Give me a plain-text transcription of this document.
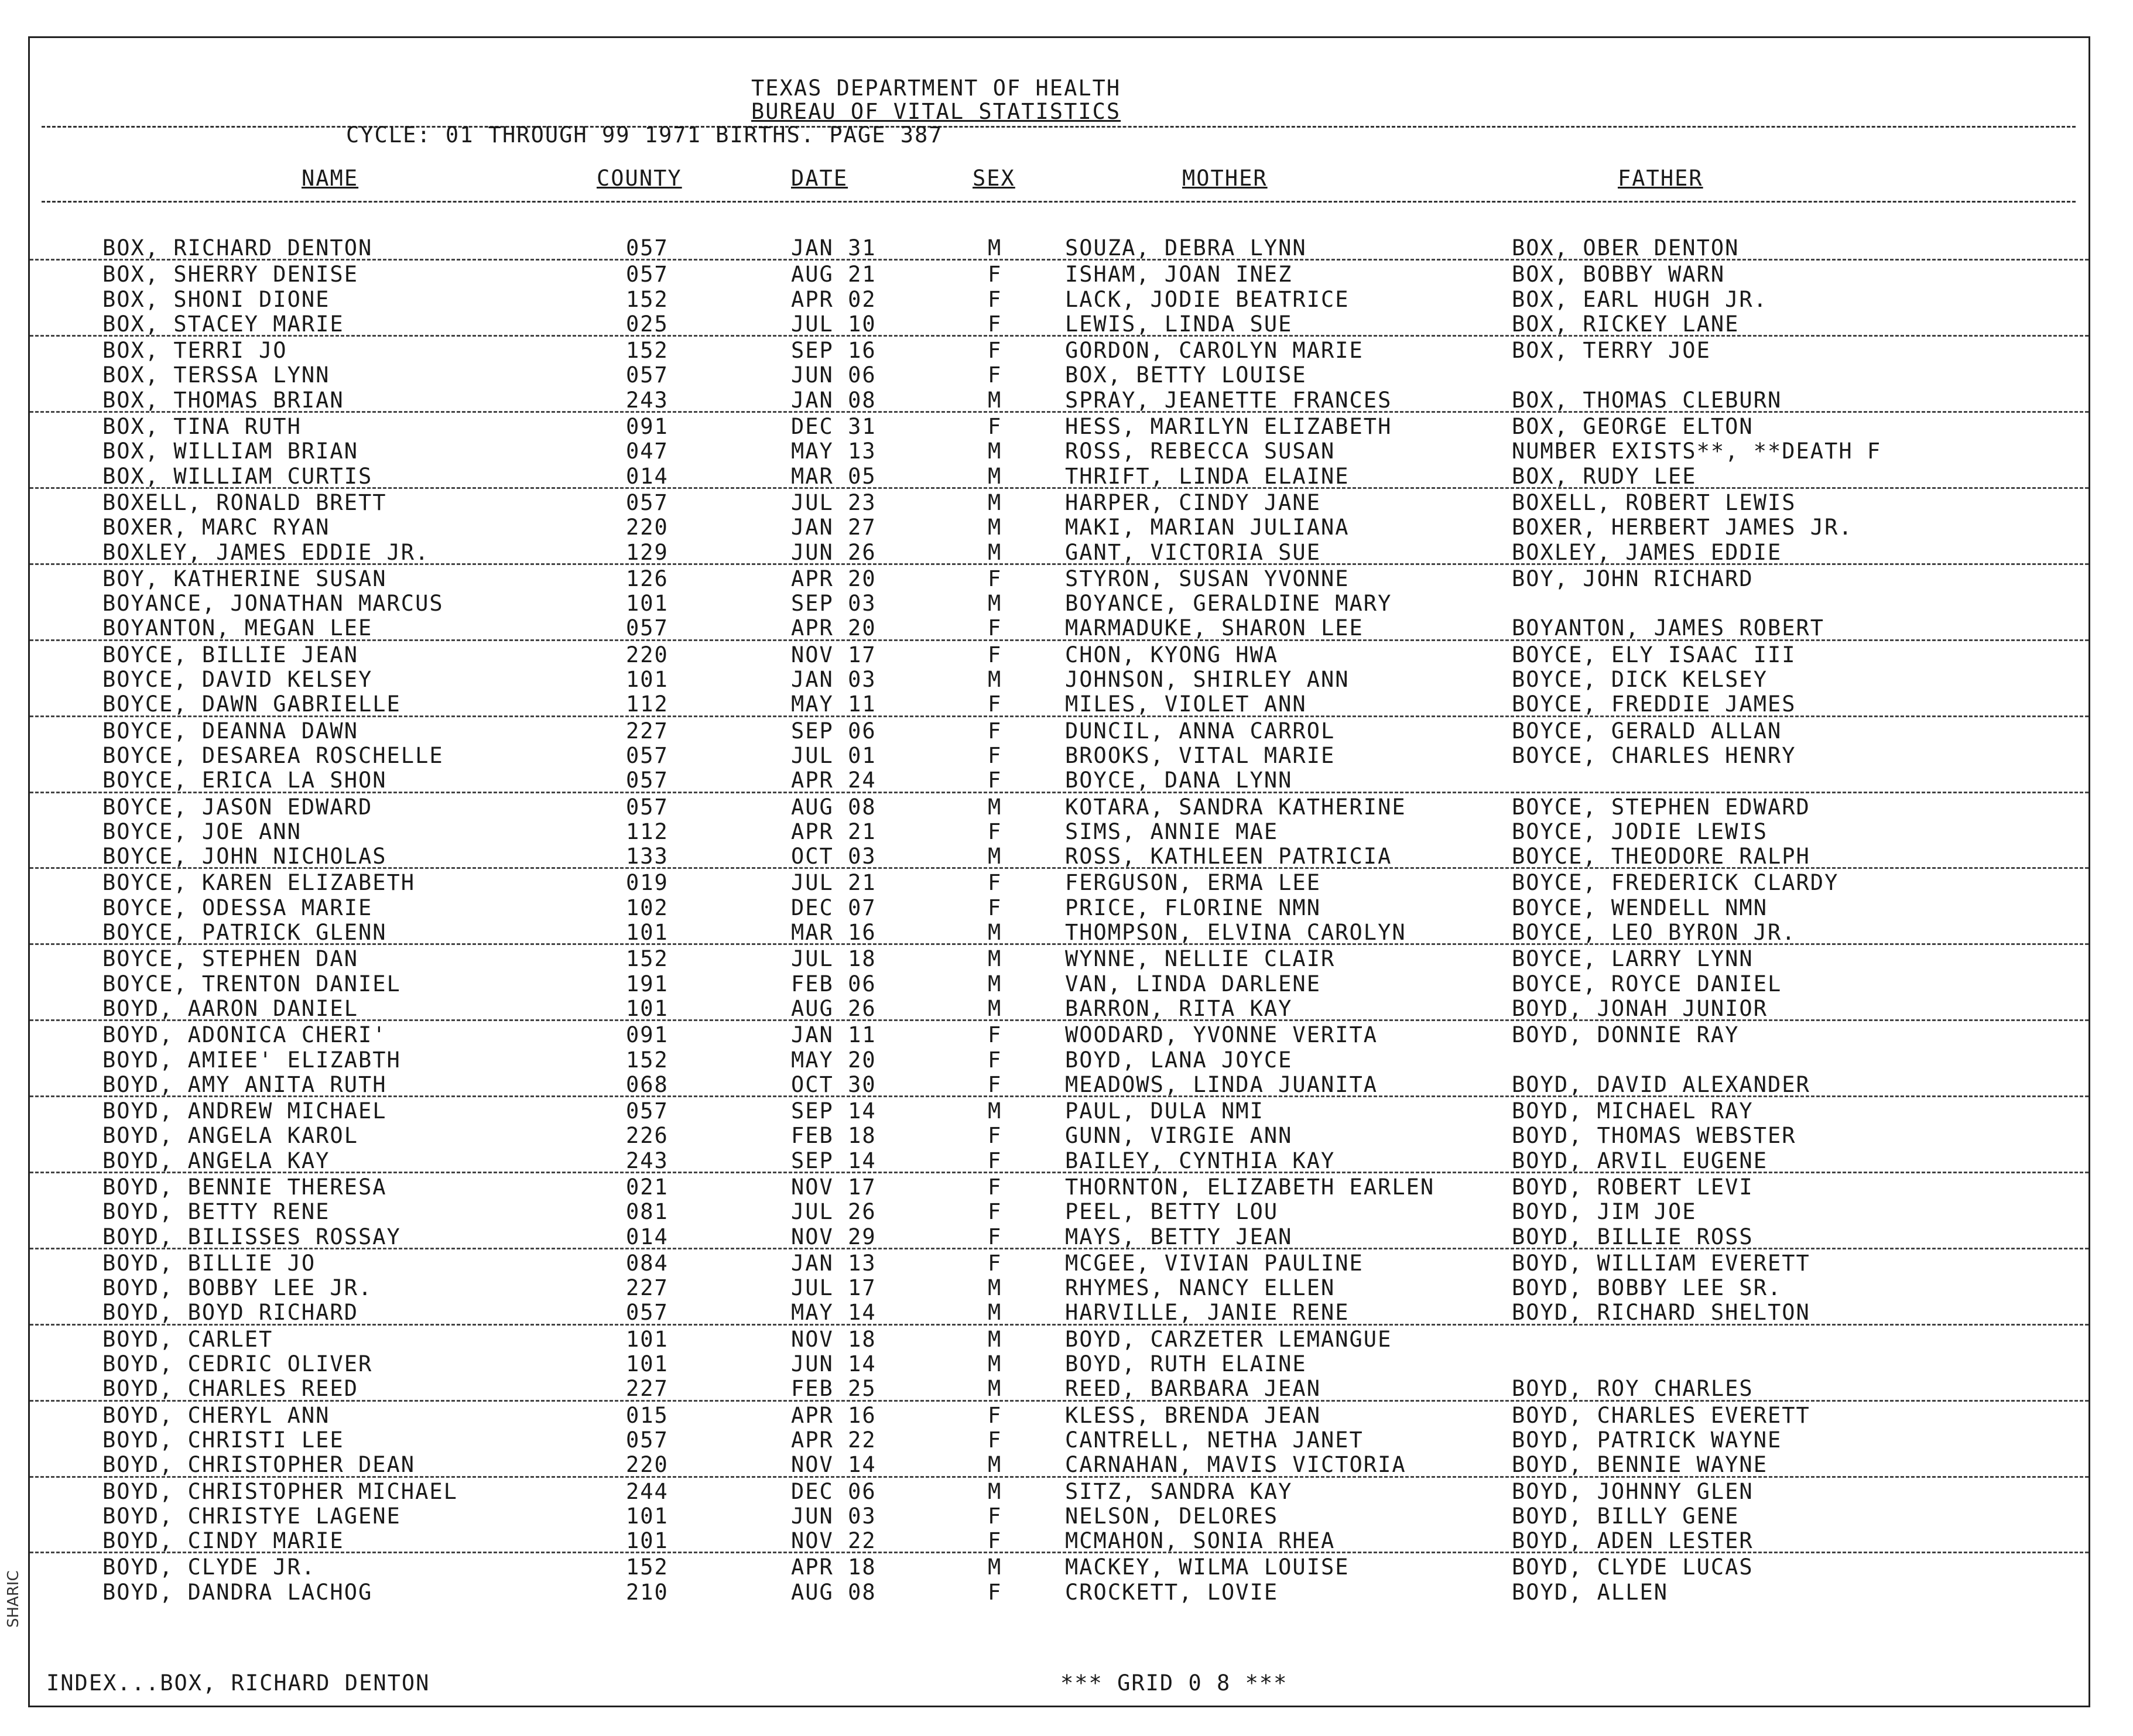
TEXAS DEPARTMENT OF HEALTH
BUREAU OF VITAL STATISTICS
CYCLE: 01 THROUGH 99 1971 BIRTHS. PAGE 387
NAME	COUNTY	DATE	SEX	MOTHER	FATHER
BOX, RICHARD DENTON	057	JAN 31	M	SOUZA, DEBRA LYNN	BOX, OBER DENTON
BOX, SHERRY DENISE	057	AUG 21	F	ISHAM, JOAN INEZ	BOX, BOBBY WARN
BOX, SHONI DIONE	152	APR 02	F	LACK, JODIE BEATRICE	BOX, EARL HUGH JR.
BOX, STACEY MARIE	025	JUL 10	F	LEWIS, LINDA SUE	BOX, RICKEY LANE
BOX, TERRI JO	152	SEP 16	F	GORDON, CAROLYN MARIE	BOX, TERRY JOE
BOX, TERSSA LYNN	057	JUN 06	F	BOX, BETTY LOUISE
BOX, THOMAS BRIAN	243	JAN 08	M	SPRAY, JEANETTE FRANCES	BOX, THOMAS CLEBURN
BOX, TINA RUTH	091	DEC 31	F	HESS, MARILYN ELIZABETH	BOX, GEORGE ELTON
BOX, WILLIAM BRIAN	047	MAY 13	M	ROSS, REBECCA SUSAN	NUMBER EXISTS**, **DEATH F
BOX, WILLIAM CURTIS	014	MAR 05	M	THRIFT, LINDA ELAINE	BOX, RUDY LEE
BOXELL, RONALD BRETT	057	JUL 23	M	HARPER, CINDY JANE	BOXELL, ROBERT LEWIS
BOXER, MARC RYAN	220	JAN 27	M	MAKI, MARIAN JULIANA	BOXER, HERBERT JAMES JR.
BOXLEY, JAMES EDDIE JR.	129	JUN 26	M	GANT, VICTORIA SUE	BOXLEY, JAMES EDDIE
BOY, KATHERINE SUSAN	126	APR 20	F	STYRON, SUSAN YVONNE	BOY, JOHN RICHARD
BOYANCE, JONATHAN MARCUS	101	SEP 03	M	BOYANCE, GERALDINE MARY
BOYANTON, MEGAN LEE	057	APR 20	F	MARMADUKE, SHARON LEE	BOYANTON, JAMES ROBERT
BOYCE, BILLIE JEAN	220	NOV 17	F	CHON, KYONG HWA	BOYCE, ELY ISAAC III
BOYCE, DAVID KELSEY	101	JAN 03	M	JOHNSON, SHIRLEY ANN	BOYCE, DICK KELSEY
BOYCE, DAWN GABRIELLE	112	MAY 11	F	MILES, VIOLET ANN	BOYCE, FREDDIE JAMES
BOYCE, DEANNA DAWN	227	SEP 06	F	DUNCIL, ANNA CARROL	BOYCE, GERALD ALLAN
BOYCE, DESAREA ROSCHELLE	057	JUL 01	F	BROOKS, VITAL MARIE	BOYCE, CHARLES HENRY
BOYCE, ERICA LA SHON	057	APR 24	F	BOYCE, DANA LYNN
BOYCE, JASON EDWARD	057	AUG 08	M	KOTARA, SANDRA KATHERINE	BOYCE, STEPHEN EDWARD
BOYCE, JOE ANN	112	APR 21	F	SIMS, ANNIE MAE	BOYCE, JODIE LEWIS
BOYCE, JOHN NICHOLAS	133	OCT 03	M	ROSS, KATHLEEN PATRICIA	BOYCE, THEODORE RALPH
BOYCE, KAREN ELIZABETH	019	JUL 21	F	FERGUSON, ERMA LEE	BOYCE, FREDERICK CLARDY
BOYCE, ODESSA MARIE	102	DEC 07	F	PRICE, FLORINE NMN	BOYCE, WENDELL NMN
BOYCE, PATRICK GLENN	101	MAR 16	M	THOMPSON, ELVINA CAROLYN	BOYCE, LEO BYRON JR.
BOYCE, STEPHEN DAN	152	JUL 18	M	WYNNE, NELLIE CLAIR	BOYCE, LARRY LYNN
BOYCE, TRENTON DANIEL	191	FEB 06	M	VAN, LINDA DARLENE	BOYCE, ROYCE DANIEL
BOYD, AARON DANIEL	101	AUG 26	M	BARRON, RITA KAY	BOYD, JONAH JUNIOR
BOYD, ADONICA CHERI'	091	JAN 11	F	WOODARD, YVONNE VERITA	BOYD, DONNIE RAY
BOYD, AMIEE' ELIZABTH	152	MAY 20	F	BOYD, LANA JOYCE
BOYD, AMY ANITA RUTH	068	OCT 30	F	MEADOWS, LINDA JUANITA	BOYD, DAVID ALEXANDER
BOYD, ANDREW MICHAEL	057	SEP 14	M	PAUL, DULA NMI	BOYD, MICHAEL RAY
BOYD, ANGELA KAROL	226	FEB 18	F	GUNN, VIRGIE ANN	BOYD, THOMAS WEBSTER
BOYD, ANGELA KAY	243	SEP 14	F	BAILEY, CYNTHIA KAY	BOYD, ARVIL EUGENE
BOYD, BENNIE THERESA	021	NOV 17	F	THORNTON, ELIZABETH EARLEN	BOYD, ROBERT LEVI
BOYD, BETTY RENE	081	JUL 26	F	PEEL, BETTY LOU	BOYD, JIM JOE
BOYD, BILISSES ROSSAY	014	NOV 29	F	MAYS, BETTY JEAN	BOYD, BILLIE ROSS
BOYD, BILLIE JO	084	JAN 13	F	MCGEE, VIVIAN PAULINE	BOYD, WILLIAM EVERETT
BOYD, BOBBY LEE JR.	227	JUL 17	M	RHYMES, NANCY ELLEN	BOYD, BOBBY LEE SR.
BOYD, BOYD RICHARD	057	MAY 14	M	HARVILLE, JANIE RENE	BOYD, RICHARD SHELTON
BOYD, CARLET	101	NOV 18	M	BOYD, CARZETER LEMANGUE
BOYD, CEDRIC OLIVER	101	JUN 14	M	BOYD, RUTH ELAINE
BOYD, CHARLES REED	227	FEB 25	M	REED, BARBARA JEAN	BOYD, ROY CHARLES
BOYD, CHERYL ANN	015	APR 16	F	KLESS, BRENDA JEAN	BOYD, CHARLES EVERETT
BOYD, CHRISTI LEE	057	APR 22	F	CANTRELL, NETHA JANET	BOYD, PATRICK WAYNE
BOYD, CHRISTOPHER DEAN	220	NOV 14	M	CARNAHAN, MAVIS VICTORIA	BOYD, BENNIE WAYNE
BOYD, CHRISTOPHER MICHAEL	244	DEC 06	M	SITZ, SANDRA KAY	BOYD, JOHNNY GLEN
BOYD, CHRISTYE LAGENE	101	JUN 03	F	NELSON, DELORES	BOYD, BILLY GENE
BOYD, CINDY MARIE	101	NOV 22	F	MCMAHON, SONIA RHEA	BOYD, ADEN LESTER
BOYD, CLYDE JR.	152	APR 18	M	MACKEY, WILMA LOUISE	BOYD, CLYDE LUCAS
BOYD, DANDRA LACHOG	210	AUG 08	F	CROCKETT, LOVIE	BOYD, ALLEN
INDEX...BOX, RICHARD DENTON	*** GRID 0 8 ***
SHARIC
